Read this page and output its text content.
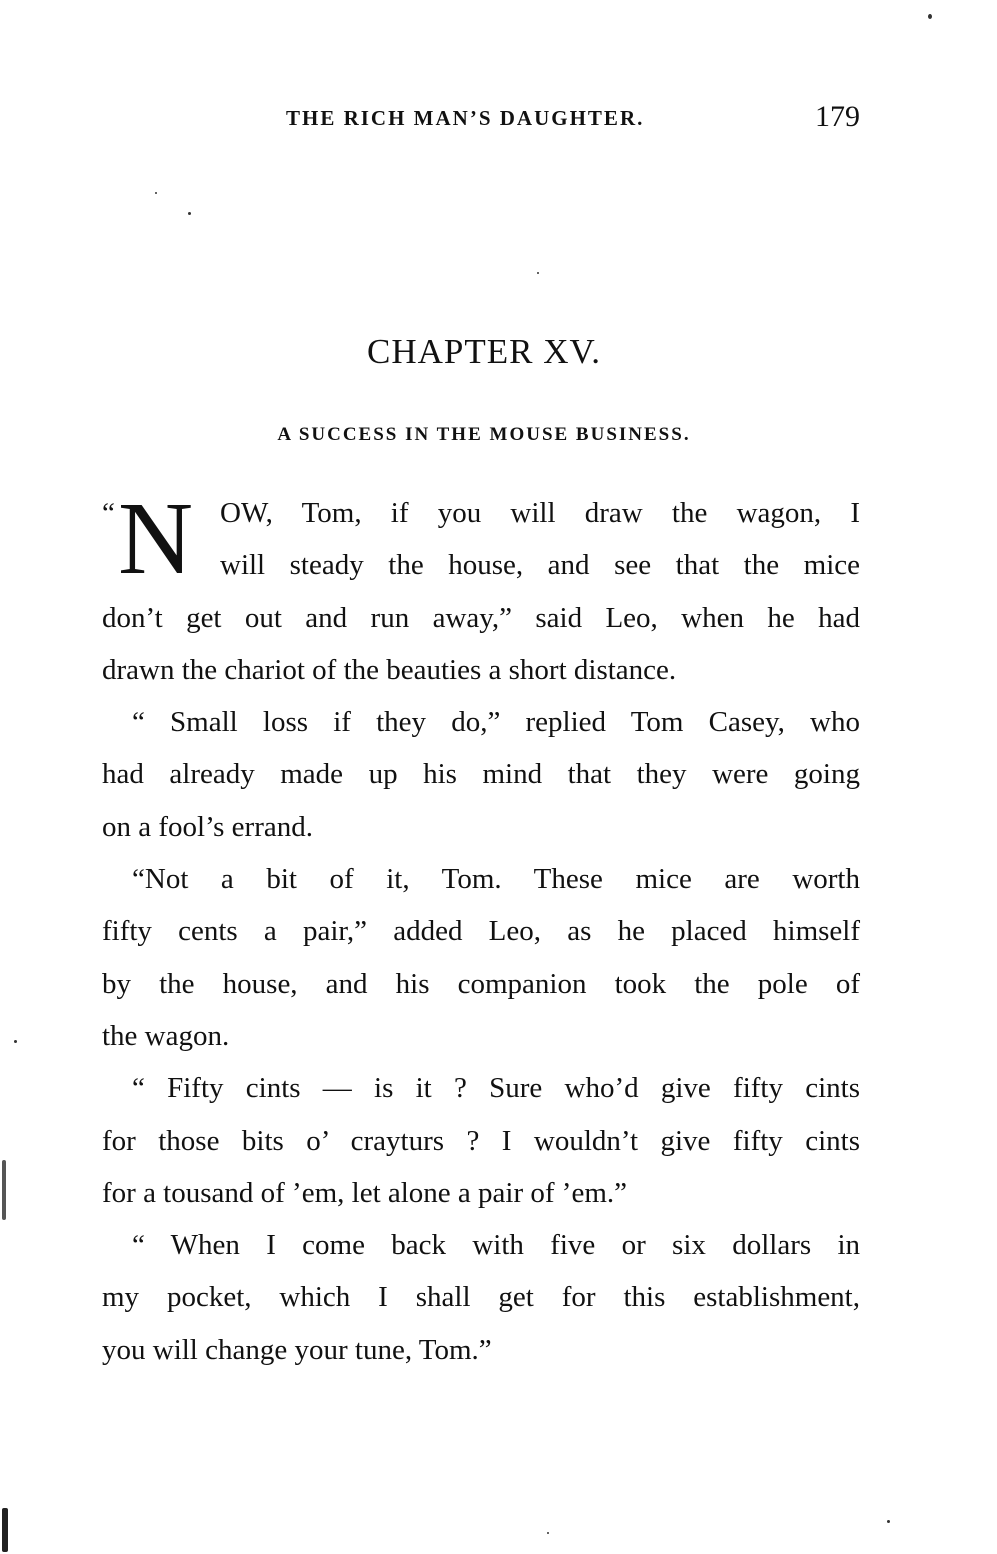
THE RICH MAN’S DAUGHTER.	179
CHAPTER XV.
A SUCCESS IN THE MOUSE BUSINESS.
“ N OW, Tom, if you will draw the wagon, I
will steady the house, and see that the mice
don’t get out and run away,” said Leo, when he had
drawn the chariot of the beauties a short distance.
“ Small loss if they do,” replied Tom Casey, who
had already made up his mind that they were going
on a fool’s errand.
“Not a bit of it, Tom. These mice are worth
fifty cents a pair,” added Leo, as he placed himself
by the house, and his companion took the pole of
the wagon.
“ Fifty cints — is it ? Sure who’d give fifty cints
for those bits o’ crayturs ? I wouldn’t give fifty cints
for a tousand of ’em, let alone a pair of ’em.”
“ When I come back with five or six dollars in
my pocket, which I shall get for this establishment,
you will change your tune, Tom.”
